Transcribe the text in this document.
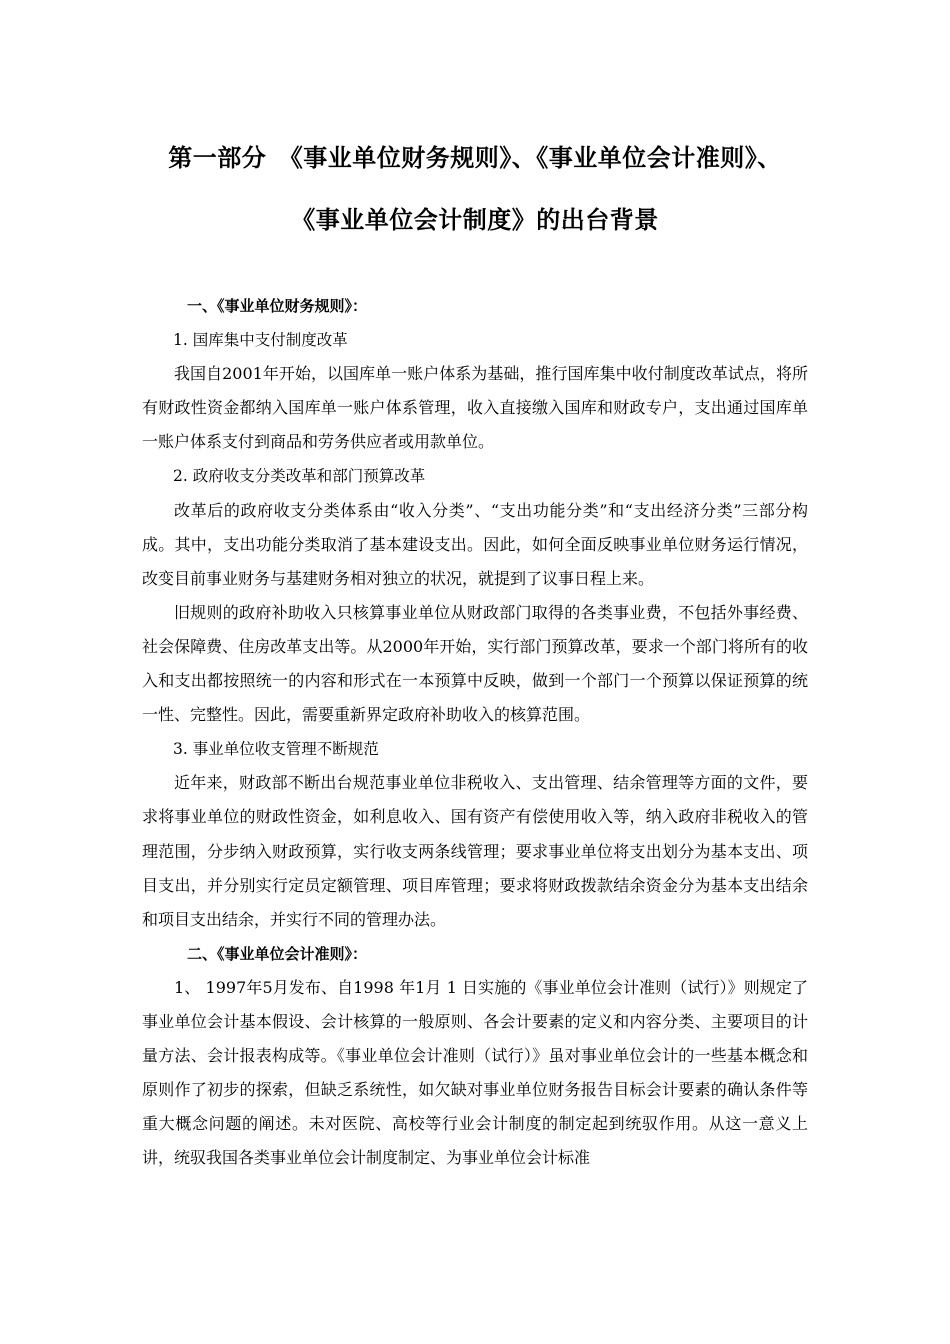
第一部分　《事业单位财务规则》、《事业单位会计准则》、
《事业单位会计制度》的出台背景

一、《事业单位财务规则》：

1. 国库集中支付制度改革

我国自2001年开始，以国库单一账户体系为基础，推行国库集中收付制度改革试点，将所有财政性资金都纳入国库单一账户体系管理，收入直接缴入国库和财政专户，支出通过国库单一账户体系支付到商品和劳务供应者或用款单位。

2. 政府收支分类改革和部门预算改革

改革后的政府收支分类体系由“收入分类”、“支出功能分类”和“支出经济分类”三部分构成。其中，支出功能分类取消了基本建设支出。因此，如何全面反映事业单位财务运行情况，改变目前事业财务与基建财务相对独立的状况，就提到了议事日程上来。

旧规则的政府补助收入只核算事业单位从财政部门取得的各类事业费，不包括外事经费、社会保障费、住房改革支出等。从2000年开始，实行部门预算改革，要求一个部门将所有的收入和支出都按照统一的内容和形式在一本预算中反映，做到一个部门一个预算以保证预算的统一性、完整性。因此，需要重新界定政府补助收入的核算范围。

3. 事业单位收支管理不断规范

近年来，财政部不断出台规范事业单位非税收入、支出管理、结余管理等方面的文件，要求将事业单位的财政性资金，如利息收入、国有资产有偿使用收入等，纳入政府非税收入的管理范围，分步纳入财政预算，实行收支两条线管理；要求事业单位将支出划分为基本支出、项目支出，并分别实行定员定额管理、项目库管理；要求将财政拨款结余资金分为基本支出结余和项目支出结余，并实行不同的管理办法。

二、《事业单位会计准则》：

1、 1997年5月发布、自1998 年1月 1 日实施的《事业单位会计准则（试行）》则规定了事业单位会计基本假设、会计核算的一般原则、各会计要素的定义和内容分类、主要项目的计量方法、会计报表构成等。《事业单位会计准则（试行）》虽对事业单位会计的一些基本概念和原则作了初步的探索，但缺乏系统性，如欠缺对事业单位财务报告目标会计要素的确认条件等重大概念问题的阐述。未对医院、高校等行业会计制度的制定起到统驭作用。从这一意义上讲，统驭我国各类事业单位会计制度制定、为事业单位会计标准
